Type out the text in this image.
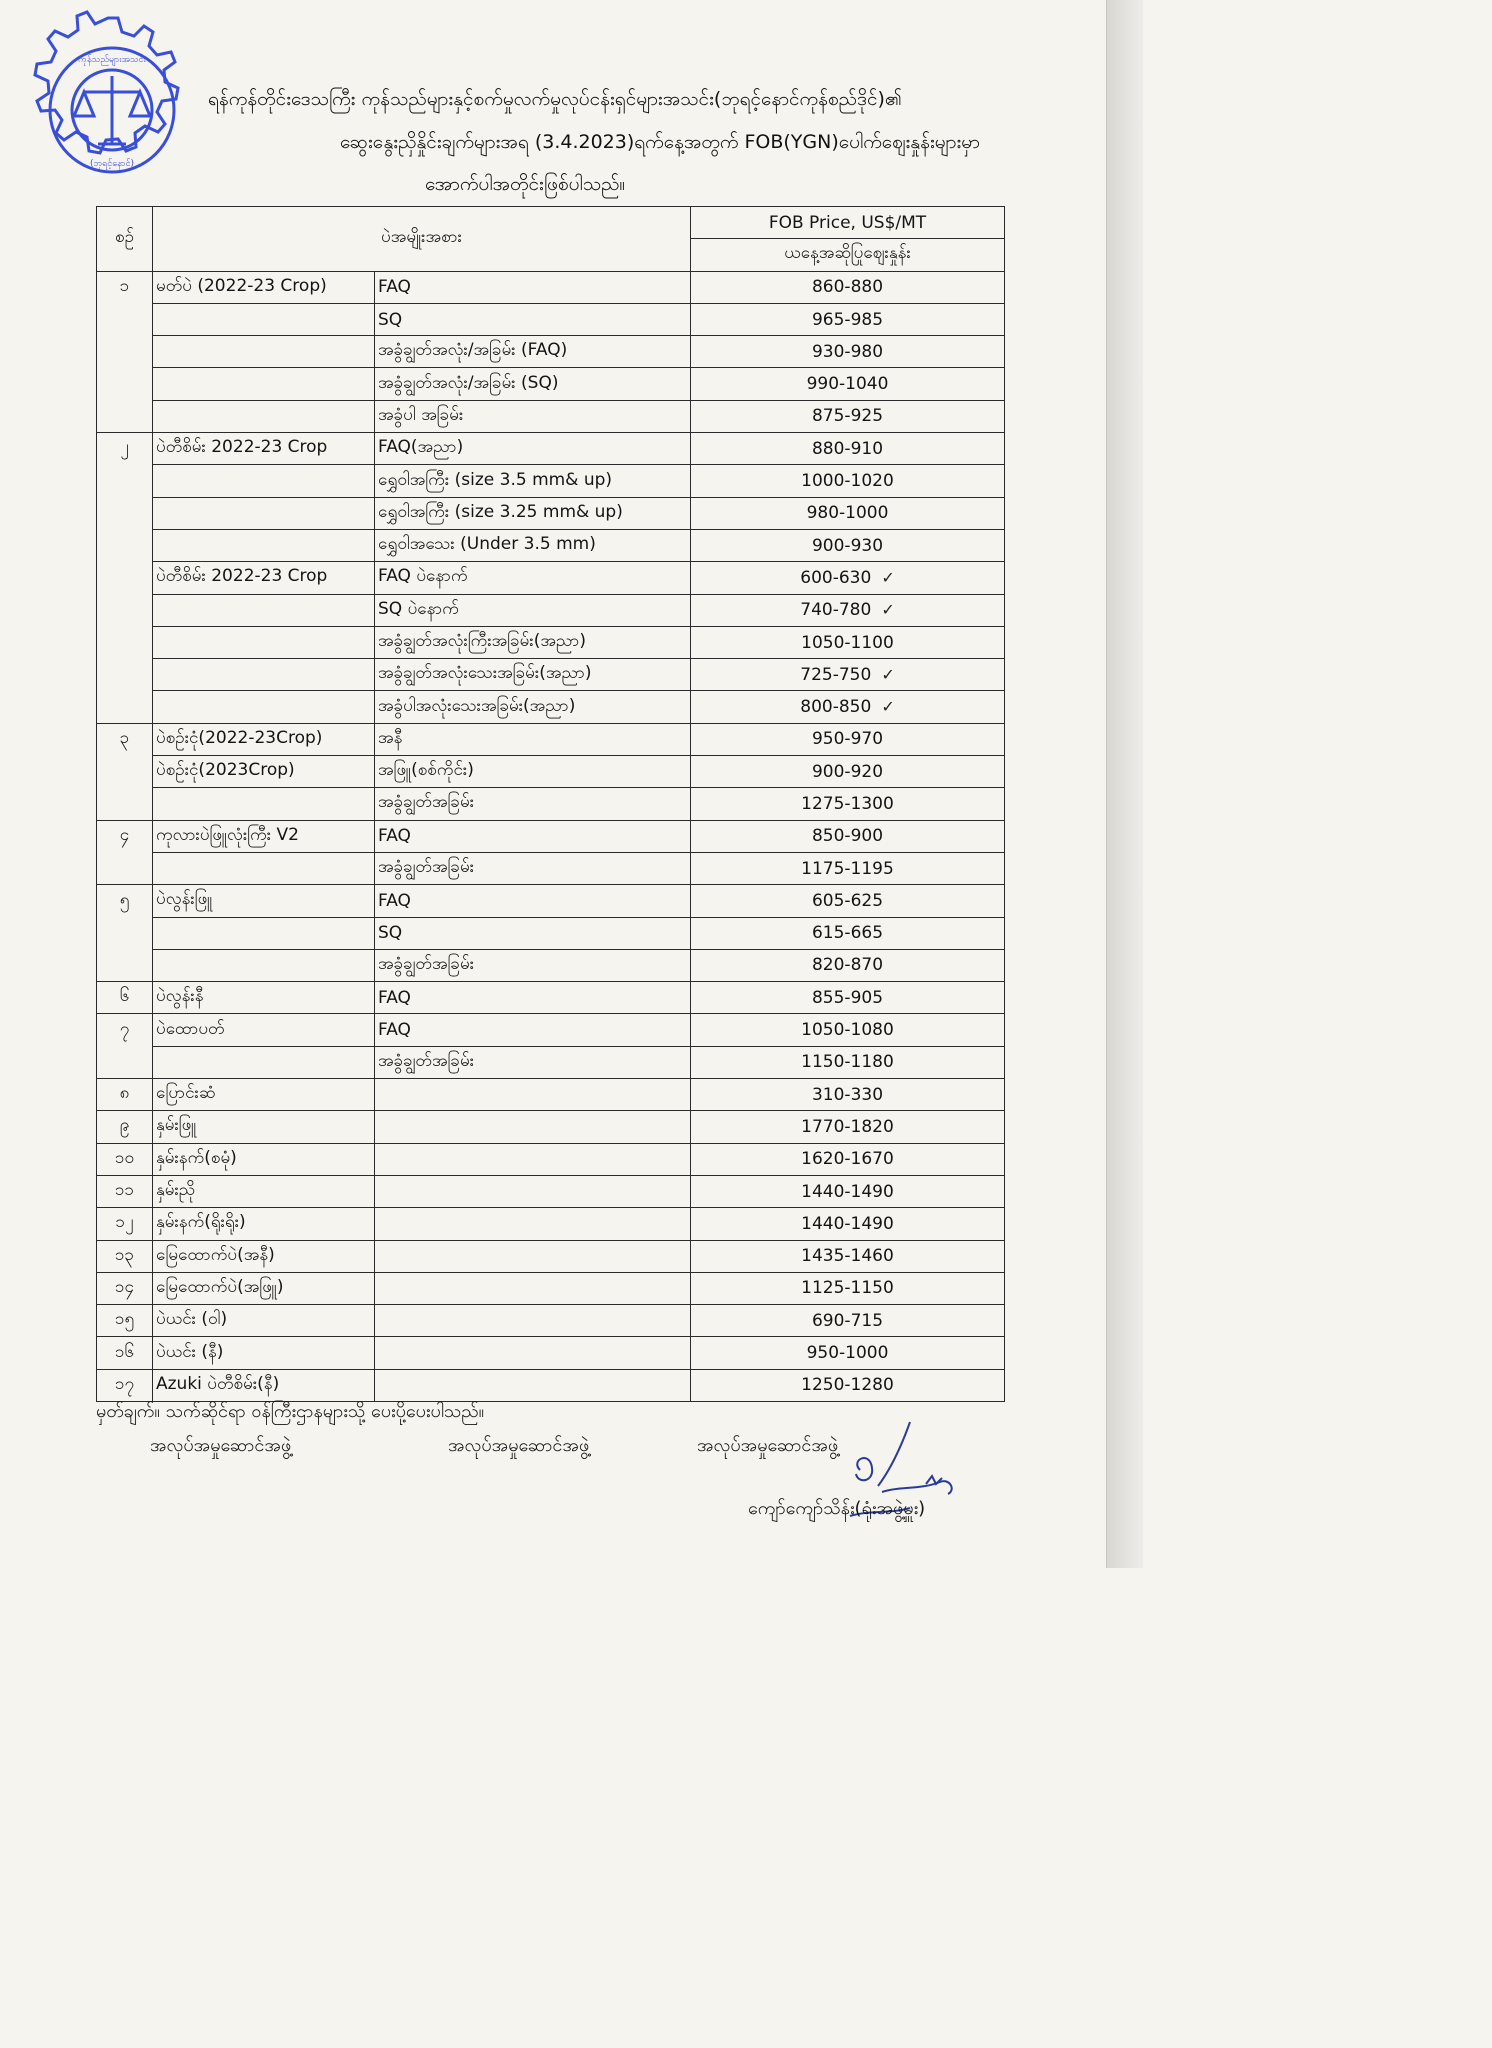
ကုန်သည်များအသင်း
(ဘုရင့်နောင်)
ရန်ကုန်တိုင်းဒေသကြီး ကုန်သည်များနှင့်စက်မှုလက်မှုလုပ်ငန်းရှင်များအသင်း(ဘုရင့်နောင်ကုန်စည်ဒိုင်)၏
ဆွေးနွေးညှိနှိုင်းချက်များအရ (3.4.2023)ရက်နေ့အတွက် FOB(YGN)ပေါက်ဈေးနှုန်းများမှာ
အောက်ပါအတိုင်းဖြစ်ပါသည်။
စဉ်	ပဲအမျိုးအစား		FOB Price, US$/MT
			ယနေ့အဆိုပြုဈေးနှုန်း
၁	မတ်ပဲ (2022-23 Crop)	FAQ	860-880
		SQ	965-985
		အခွံချွတ်အလုံး/အခြမ်း (FAQ)	930-980
		အခွံချွတ်အလုံး/အခြမ်း (SQ)	990-1040
		အခွံပါ အခြမ်း	875-925
၂	ပဲတီစိမ်း 2022-23 Crop	FAQ(အညာ)	880-910
		ရွှေဝါအကြီး (size 3.5 mm& up)	1000-1020
		ရွှေဝါအကြီး (size 3.25 mm& up)	980-1000
		ရွှေဝါအသေး (Under 3.5 mm)	900-930
	ပဲတီစိမ်း 2022-23 Crop	FAQ ပဲနောက်	600-630 ✓
		SQ ပဲနောက်	740-780 ✓
		အခွံချွတ်အလုံးကြီးအခြမ်း(အညာ)	1050-1100
		အခွံချွတ်အလုံးသေးအခြမ်း(အညာ)	725-750 ✓
		အခွံပါအလုံးသေးအခြမ်း(အညာ)	800-850 ✓
၃	ပဲစဉ်းငုံ(2022-23Crop)	အနီ	950-970
	ပဲစဉ်းငုံ(2023Crop)	အဖြူ(စစ်ကိုင်း)	900-920
		အခွံချွတ်အခြမ်း	1275-1300
၄	ကုလားပဲဖြူလုံးကြီး V2	FAQ	850-900
		အခွံချွတ်အခြမ်း	1175-1195
၅	ပဲလွန်းဖြူ	FAQ	605-625
		SQ	615-665
		အခွံချွတ်အခြမ်း	820-870
၆	ပဲလွန်းနီ	FAQ	855-905
၇	ပဲထောပတ်	FAQ	1050-1080
		အခွံချွတ်အခြမ်း	1150-1180
၈	ပြောင်းဆံ		310-330
၉	နှမ်းဖြူ		1770-1820
၁၀	နှမ်းနက်(စမုံ)		1620-1670
၁၁	နှမ်းညို		1440-1490
၁၂	နှမ်းနက်(ရိုးရိုး)		1440-1490
၁၃	မြေထောက်ပဲ(အနီ)		1435-1460
၁၄	မြေထောက်ပဲ(အဖြူ)		1125-1150
၁၅	ပဲယင်း (ဝါ)		690-715
၁၆	ပဲယင်း (နီ)		950-1000
၁၇	Azuki ပဲတီစိမ်း(နီ)		1250-1280
မှတ်ချက်။ သက်ဆိုင်ရာ ဝန်ကြီးဌာနများသို့ ပေးပို့ပေးပါသည်။
အလုပ်အမှုဆောင်အဖွဲ့	အလုပ်အမှုဆောင်အဖွဲ့	အလုပ်အမှုဆောင်အဖွဲ့
ကျော်ကျော်သိန်း(ရုံးအဖွဲ့မှူး)
